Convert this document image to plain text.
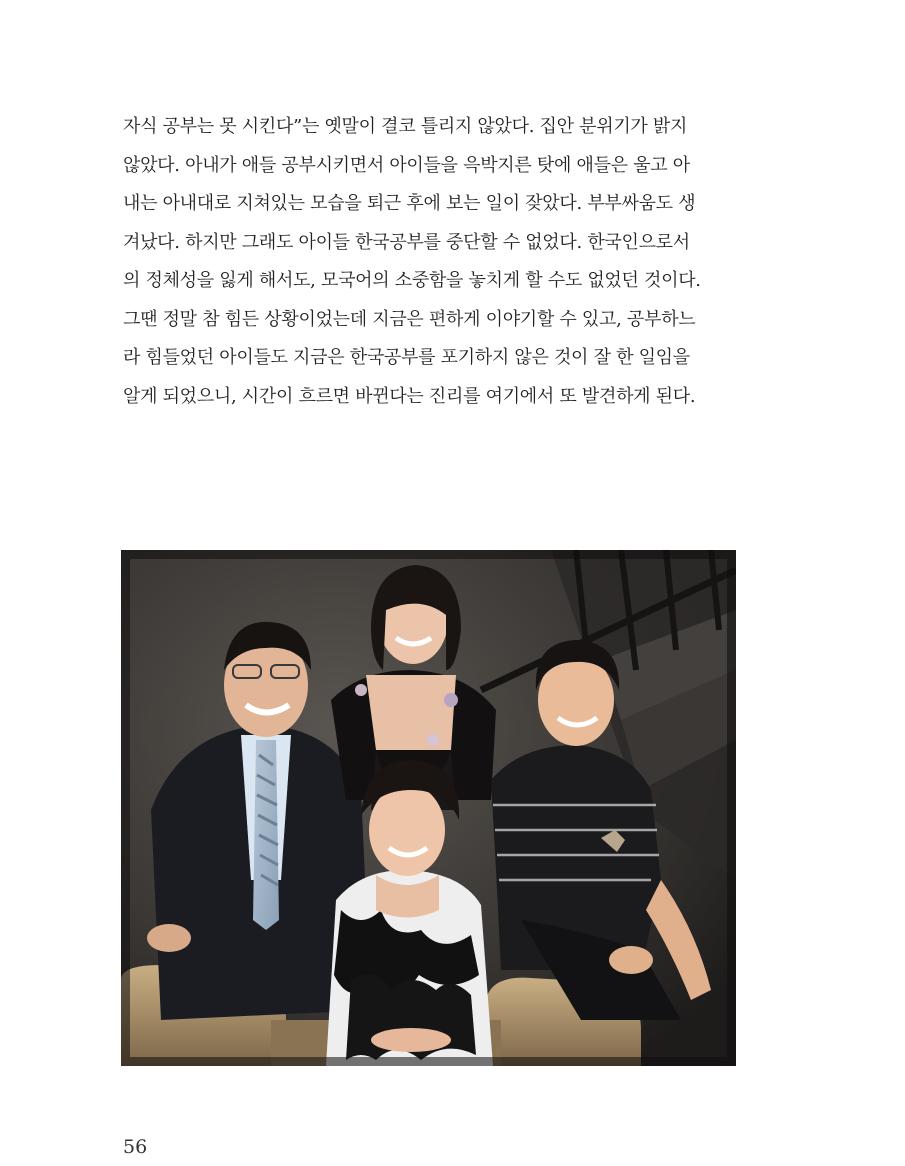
자식 공부는 못 시킨다”는 옛말이 결코 틀리지 않았다. 집안 분위기가 밝지
않았다. 아내가 애들 공부시키면서 아이들을 윽박지른 탓에 애들은 울고 아
내는 아내대로 지쳐있는 모습을 퇴근 후에 보는 일이 잦았다. 부부싸움도 생
겨났다. 하지만 그래도 아이들 한국공부를 중단할 수 없었다. 한국인으로서
의 정체성을 잃게 해서도, 모국어의 소중함을 놓치게 할 수도 없었던 것이다.
그땐 정말 참 힘든 상황이었는데 지금은 편하게 이야기할 수 있고, 공부하느
라 힘들었던 아이들도 지금은 한국공부를 포기하지 않은 것이 잘 한 일임을
알게 되었으니, 시간이 흐르면 바뀐다는 진리를 여기에서 또 발견하게 된다.
56
